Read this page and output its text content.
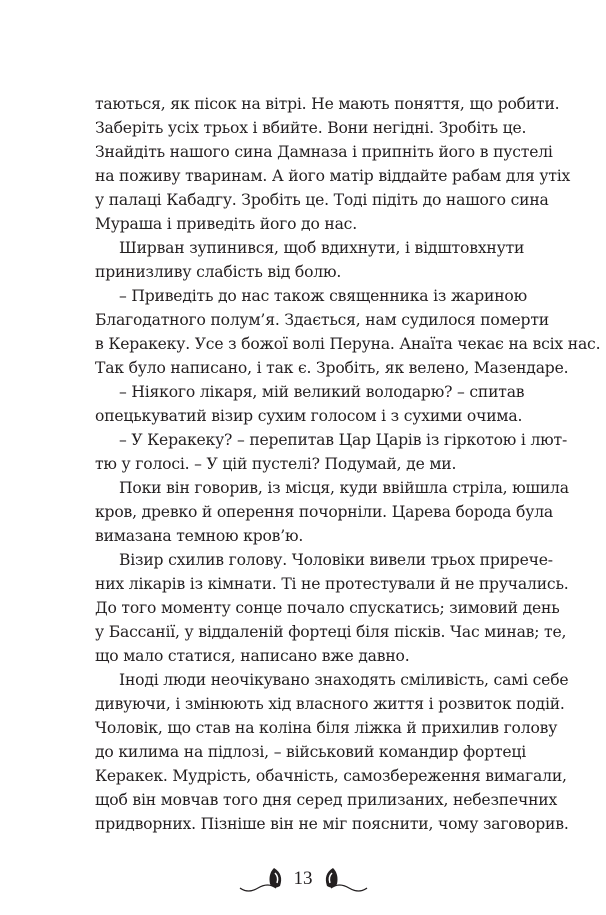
таються, як пісок на вітрі. Не мають поняття, що робити.
Заберіть усіх трьох і вбийте. Вони негідні. Зробіть це.
Знайдіть нашого сина Дамназа і припніть його в пустелі
на поживу тваринам. А його матір віддайте рабам для утіх
у палаці Кабадгу. Зробіть це. Тоді підіть до нашого сина
Мураша і приведіть його до нас.
Ширван зупинився, щоб вдихнути, і відштовхнути
принизливу слабість від болю.
– Приведіть до нас також священника із жариною
Благодатного полум’я. Здається, нам судилося померти
в Керакеку. Усе з божої волі Перуна. Анаїта чекає на всіх нас.
Так було написано, і так є. Зробіть, як велено, Мазендаре.
– Ніякого лікаря, мій великий володарю? – спитав
опецькуватий візир сухим голосом і з сухими очима.
– У Керакеку? – перепитав Цар Царів із гіркотою і лют-
тю у голосі. – У цій пустелі? Подумай, де ми.
Поки він говорив, із місця, куди ввійшла стріла, юшила
кров, древко й оперення почорніли. Царева борода була
вимазана темною кров’ю.
Візир схилив голову. Чоловіки вивели трьох прирече-
них лікарів із кімнати. Ті не протестували й не пручались.
До того моменту сонце почало спускатись; зимовий день
у Бассанії, у віддаленій фортеці біля пісків. Час минав; те,
що мало статися, написано вже давно.
Іноді люди неочікувано знаходять сміливість, самі себе
дивуючи, і змінюють хід власного життя і розвиток подій.
Чоловік, що став на коліна біля ліжка й прихилив голову
до килима на підлозі, – військовий командир фортеці
Керакек. Мудрість, обачність, самозбереження вимагали,
щоб він мовчав того дня серед прилизаних, небезпечних
придворних. Пізніше він не міг пояснити, чому заговорив.
13
